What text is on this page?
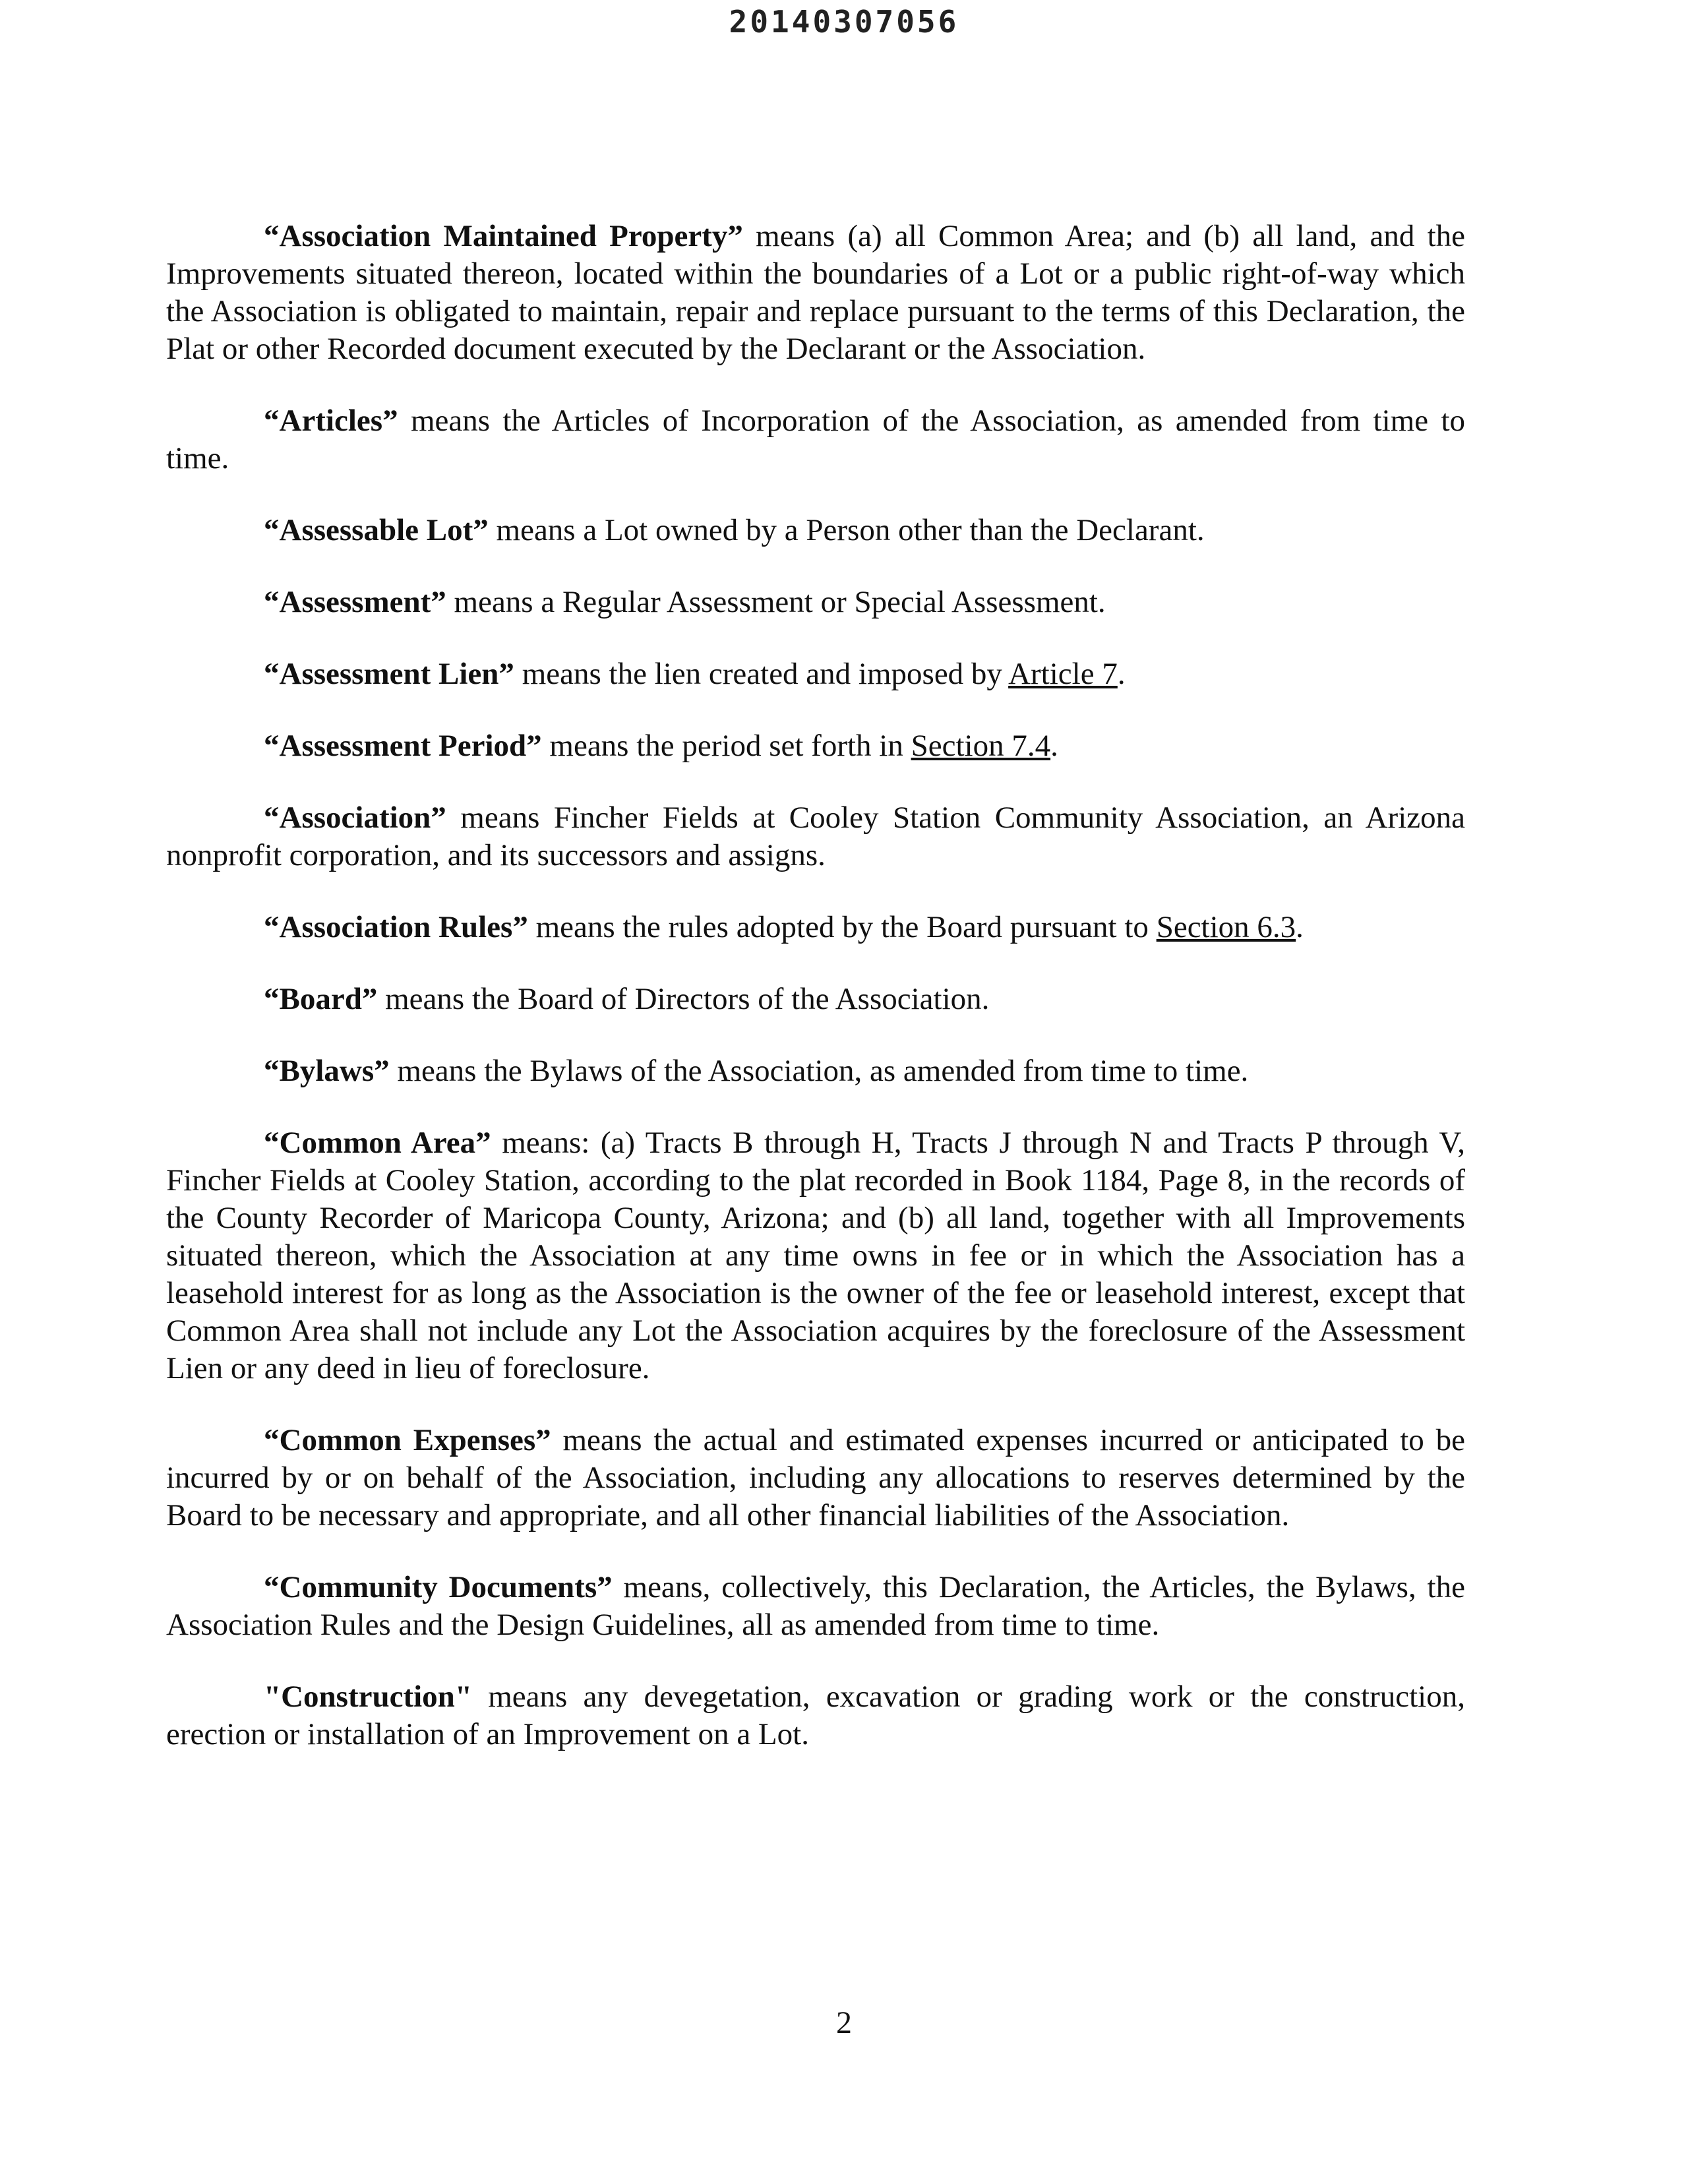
20140307056

“Association Maintained Property” means (a) all Common Area; and (b) all land, and the Improvements situated thereon, located within the boundaries of a Lot or a public right-of-way which the Association is obligated to maintain, repair and replace pursuant to the terms of this Declaration, the Plat or other Recorded document executed by the Declarant or the Association.

“Articles” means the Articles of Incorporation of the Association, as amended from time to time.

“Assessable Lot” means a Lot owned by a Person other than the Declarant.

“Assessment” means a Regular Assessment or Special Assessment.

“Assessment Lien” means the lien created and imposed by Article 7.

“Assessment Period” means the period set forth in Section 7.4.

“Association” means Fincher Fields at Cooley Station Community Association, an Arizona nonprofit corporation, and its successors and assigns.

“Association Rules” means the rules adopted by the Board pursuant to Section 6.3.

“Board” means the Board of Directors of the Association.

“Bylaws” means the Bylaws of the Association, as amended from time to time.

“Common Area” means: (a) Tracts B through H, Tracts J through N and Tracts P through V, Fincher Fields at Cooley Station, according to the plat recorded in Book 1184, Page 8, in the records of the County Recorder of Maricopa County, Arizona; and (b) all land, together with all Improvements situated thereon, which the Association at any time owns in fee or in which the Association has a leasehold interest for as long as the Association is the owner of the fee or leasehold interest, except that Common Area shall not include any Lot the Association acquires by the foreclosure of the Assessment Lien or any deed in lieu of foreclosure.

“Common Expenses” means the actual and estimated expenses incurred or anticipated to be incurred by or on behalf of the Association, including any allocations to reserves determined by the Board to be necessary and appropriate, and all other financial liabilities of the Association.

“Community Documents” means, collectively, this Declaration, the Articles, the Bylaws, the Association Rules and the Design Guidelines, all as amended from time to time.

"Construction" means any devegetation, excavation or grading work or the construction, erection or installation of an Improvement on a Lot.

2
